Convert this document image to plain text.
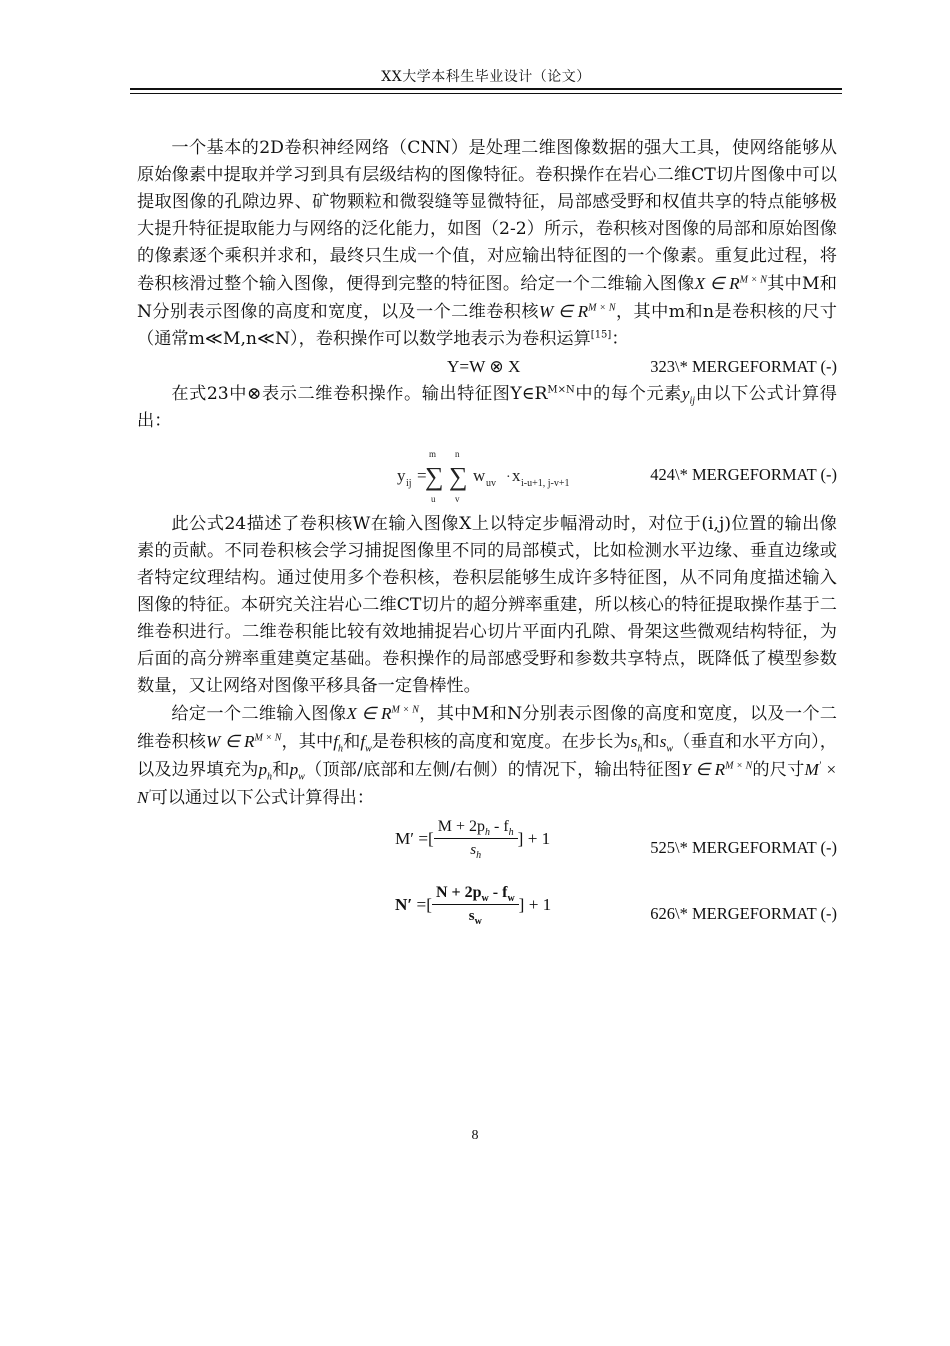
XX大学本科生毕业设计（论文）

一个基本的2D卷积神经网络（CNN）是处理二维图像数据的强大工具，使网络能够从原始像素中提取并学习到具有层级结构的图像特征。卷积操作在岩心二维CT切片图像中可以提取图像的孔隙边界、矿物颗粒和微裂缝等显微特征，局部感受野和权值共享的特点能够极大提升特征提取能力与网络的泛化能力，如图（2-2）所示，卷积核对图像的局部和原始图像的像素逐个乘积并求和，最终只生成一个值，对应输出特征图的一个像素。重复此过程，将卷积核滑过整个输入图像，便得到完整的特征图。给定一个二维输入图像X ∈ $R^{M \times N}$其中M和N分别表示图像的高度和宽度，以及一个二维卷积核W ∈ $R^{M \times N}$，其中m和n是卷积核的尺寸（通常m≪M,n≪N），卷积操作可以数学地表示为卷积运算[15]：

Y=W ⊗ X	323\* MERGEFORMAT (-)

在式23中⊗表示二维卷积操作。输出特征图$Y\in R^{M\times N}$中的每个元素$y_{ij}$由以下公式计算得出：

y ij =
m
∑
u
n
∑
v
w uv · x i-u+1, j-v+1	424\* MERGEFORMAT (-)

此公式24描述了卷积核W在输入图像X上以特定步幅滑动时，对位于(i,j)位置的输出像素的贡献。不同卷积核会学习捕捉图像里不同的局部模式，比如检测水平边缘、垂直边缘或者特定纹理结构。通过使用多个卷积核，卷积层能够生成许多特征图，从不同角度描述输入图像的特征。本研究关注岩心二维CT切片的超分辨率重建，所以核心的特征提取操作基于二维卷积进行。二维卷积能比较有效地捕捉岩心切片平面内孔隙、骨架这些微观结构特征，为后面的高分辨率重建奠定基础。卷积操作的局部感受野和参数共享特点，既降低了模型参数数量，又让网络对图像平移具备一定鲁棒性。

给定一个二维输入图像X ∈ $R^{M \times N}$，其中M和N分别表示图像的高度和宽度，以及一个二维卷积核W ∈ $R^{M \times N}$，其中$f_h$和$f_w$是卷积核的高度和宽度。在步长为$s_h$和$s_w$（垂直和水平方向），以及边界填充为$p_h$和$p_w$（顶部/底部和左侧/右侧）的情况下，输出特征图Y ∈ $R^{M \times N}$的尺寸M' × N'可以通过以下公式计算得出：

M′ =[ $\frac{M + 2p_h - f_h}{s_h}$ ] + 1	525\* MERGEFORMAT (-)
N′ =[ $\frac{N + 2p_w - f_w}{s_w}$ ] + 1	626\* MERGEFORMAT (-)
8
